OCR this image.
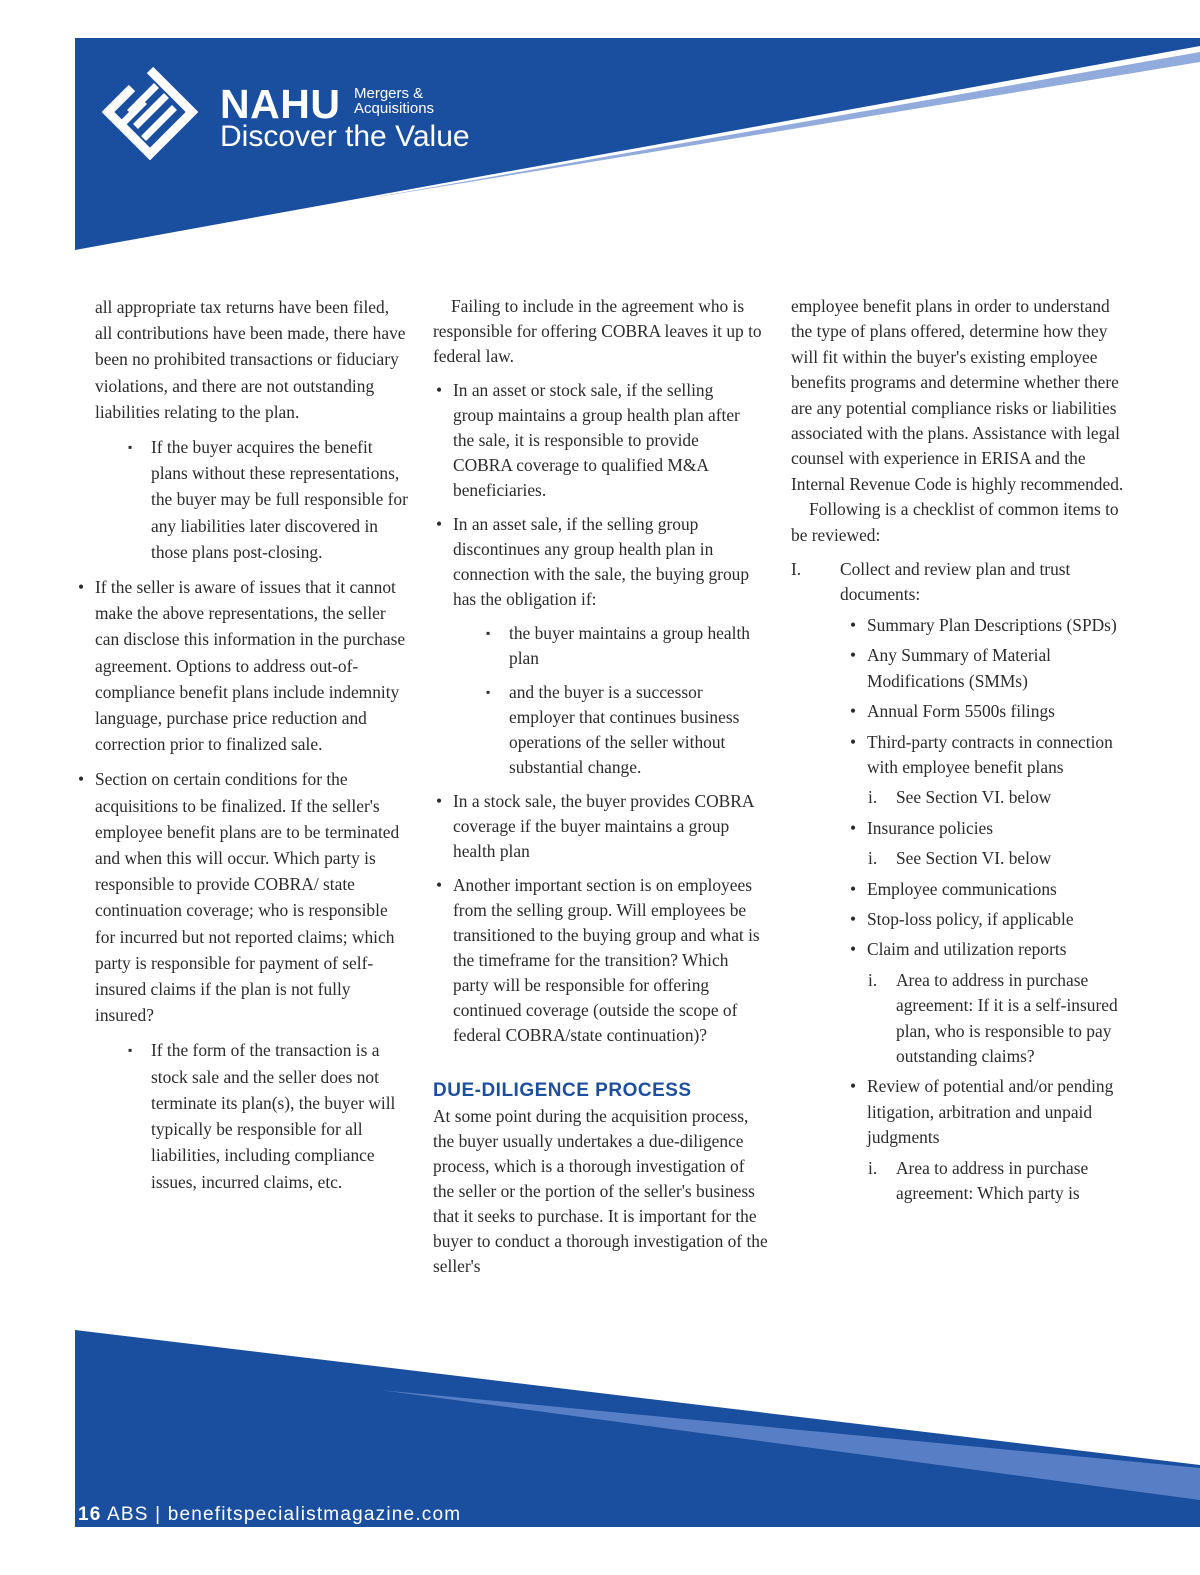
NAHU Mergers &
Acquisitions
Discover the Value

all appropriate tax returns have been filed, all contributions have been made, there have been no prohibited transactions or fiduciary violations, and there are not outstanding liabilities relating to the plan.

▪ If the buyer acquires the benefit plans without these representations, the buyer may be full responsible for any liabilities later discovered in those plans post-closing.

• If the seller is aware of issues that it cannot make the above representations, the seller can disclose this information in the purchase agreement. Options to address out-of-compliance benefit plans include indemnity language, purchase price reduction and correction prior to finalized sale.

• Section on certain conditions for the acquisitions to be finalized. If the seller's employee benefit plans are to be terminated and when this will occur. Which party is responsible to provide COBRA/ state continuation coverage; who is responsible for incurred but not reported claims; which party is responsible for payment of self-insured claims if the plan is not fully insured?

▪ If the form of the transaction is a stock sale and the seller does not terminate its plan(s), the buyer will typically be responsible for all liabilities, including compliance issues, incurred claims, etc.

Failing to include in the agreement who is responsible for offering COBRA leaves it up to federal law.

• In an asset or stock sale, if the selling group maintains a group health plan after the sale, it is responsible to provide COBRA coverage to qualified M&A beneficiaries.

• In an asset sale, if the selling group discontinues any group health plan in connection with the sale, the buying group has the obligation if:

▪ the buyer maintains a group health plan

▪ and the buyer is a successor employer that continues business operations of the seller without substantial change.

• In a stock sale, the buyer provides COBRA coverage if the buyer maintains a group health plan

• Another important section is on employees from the selling group. Will employees be transitioned to the buying group and what is the timeframe for the transition? Which party will be responsible for offering continued coverage (outside the scope of federal COBRA/state continuation)?

DUE-DILIGENCE PROCESS

At some point during the acquisition process, the buyer usually undertakes a due-diligence process, which is a thorough investigation of the seller or the portion of the seller's business that it seeks to purchase. It is important for the buyer to conduct a thorough investigation of the seller's

employee benefit plans in order to understand the type of plans offered, determine how they will fit within the buyer's existing employee benefits programs and determine whether there are any potential compliance risks or liabilities associated with the plans. Assistance with legal counsel with experience in ERISA and the Internal Revenue Code is highly recommended.

Following is a checklist of common items to be reviewed:

I. Collect and review plan and trust documents:

• Summary Plan Descriptions (SPDs)

• Any Summary of Material Modifications (SMMs)

• Annual Form 5500s filings

• Third-party contracts in connection with employee benefit plans

i. See Section VI. below

• Insurance policies

i. See Section VI. below

• Employee communications

• Stop-loss policy, if applicable

• Claim and utilization reports

i. Area to address in purchase agreement: If it is a self-insured plan, who is responsible to pay outstanding claims?

• Review of potential and/or pending litigation, arbitration and unpaid judgments

i. Area to address in purchase agreement: Which party is
16 ABS | benefitspecialistmagazine.com
